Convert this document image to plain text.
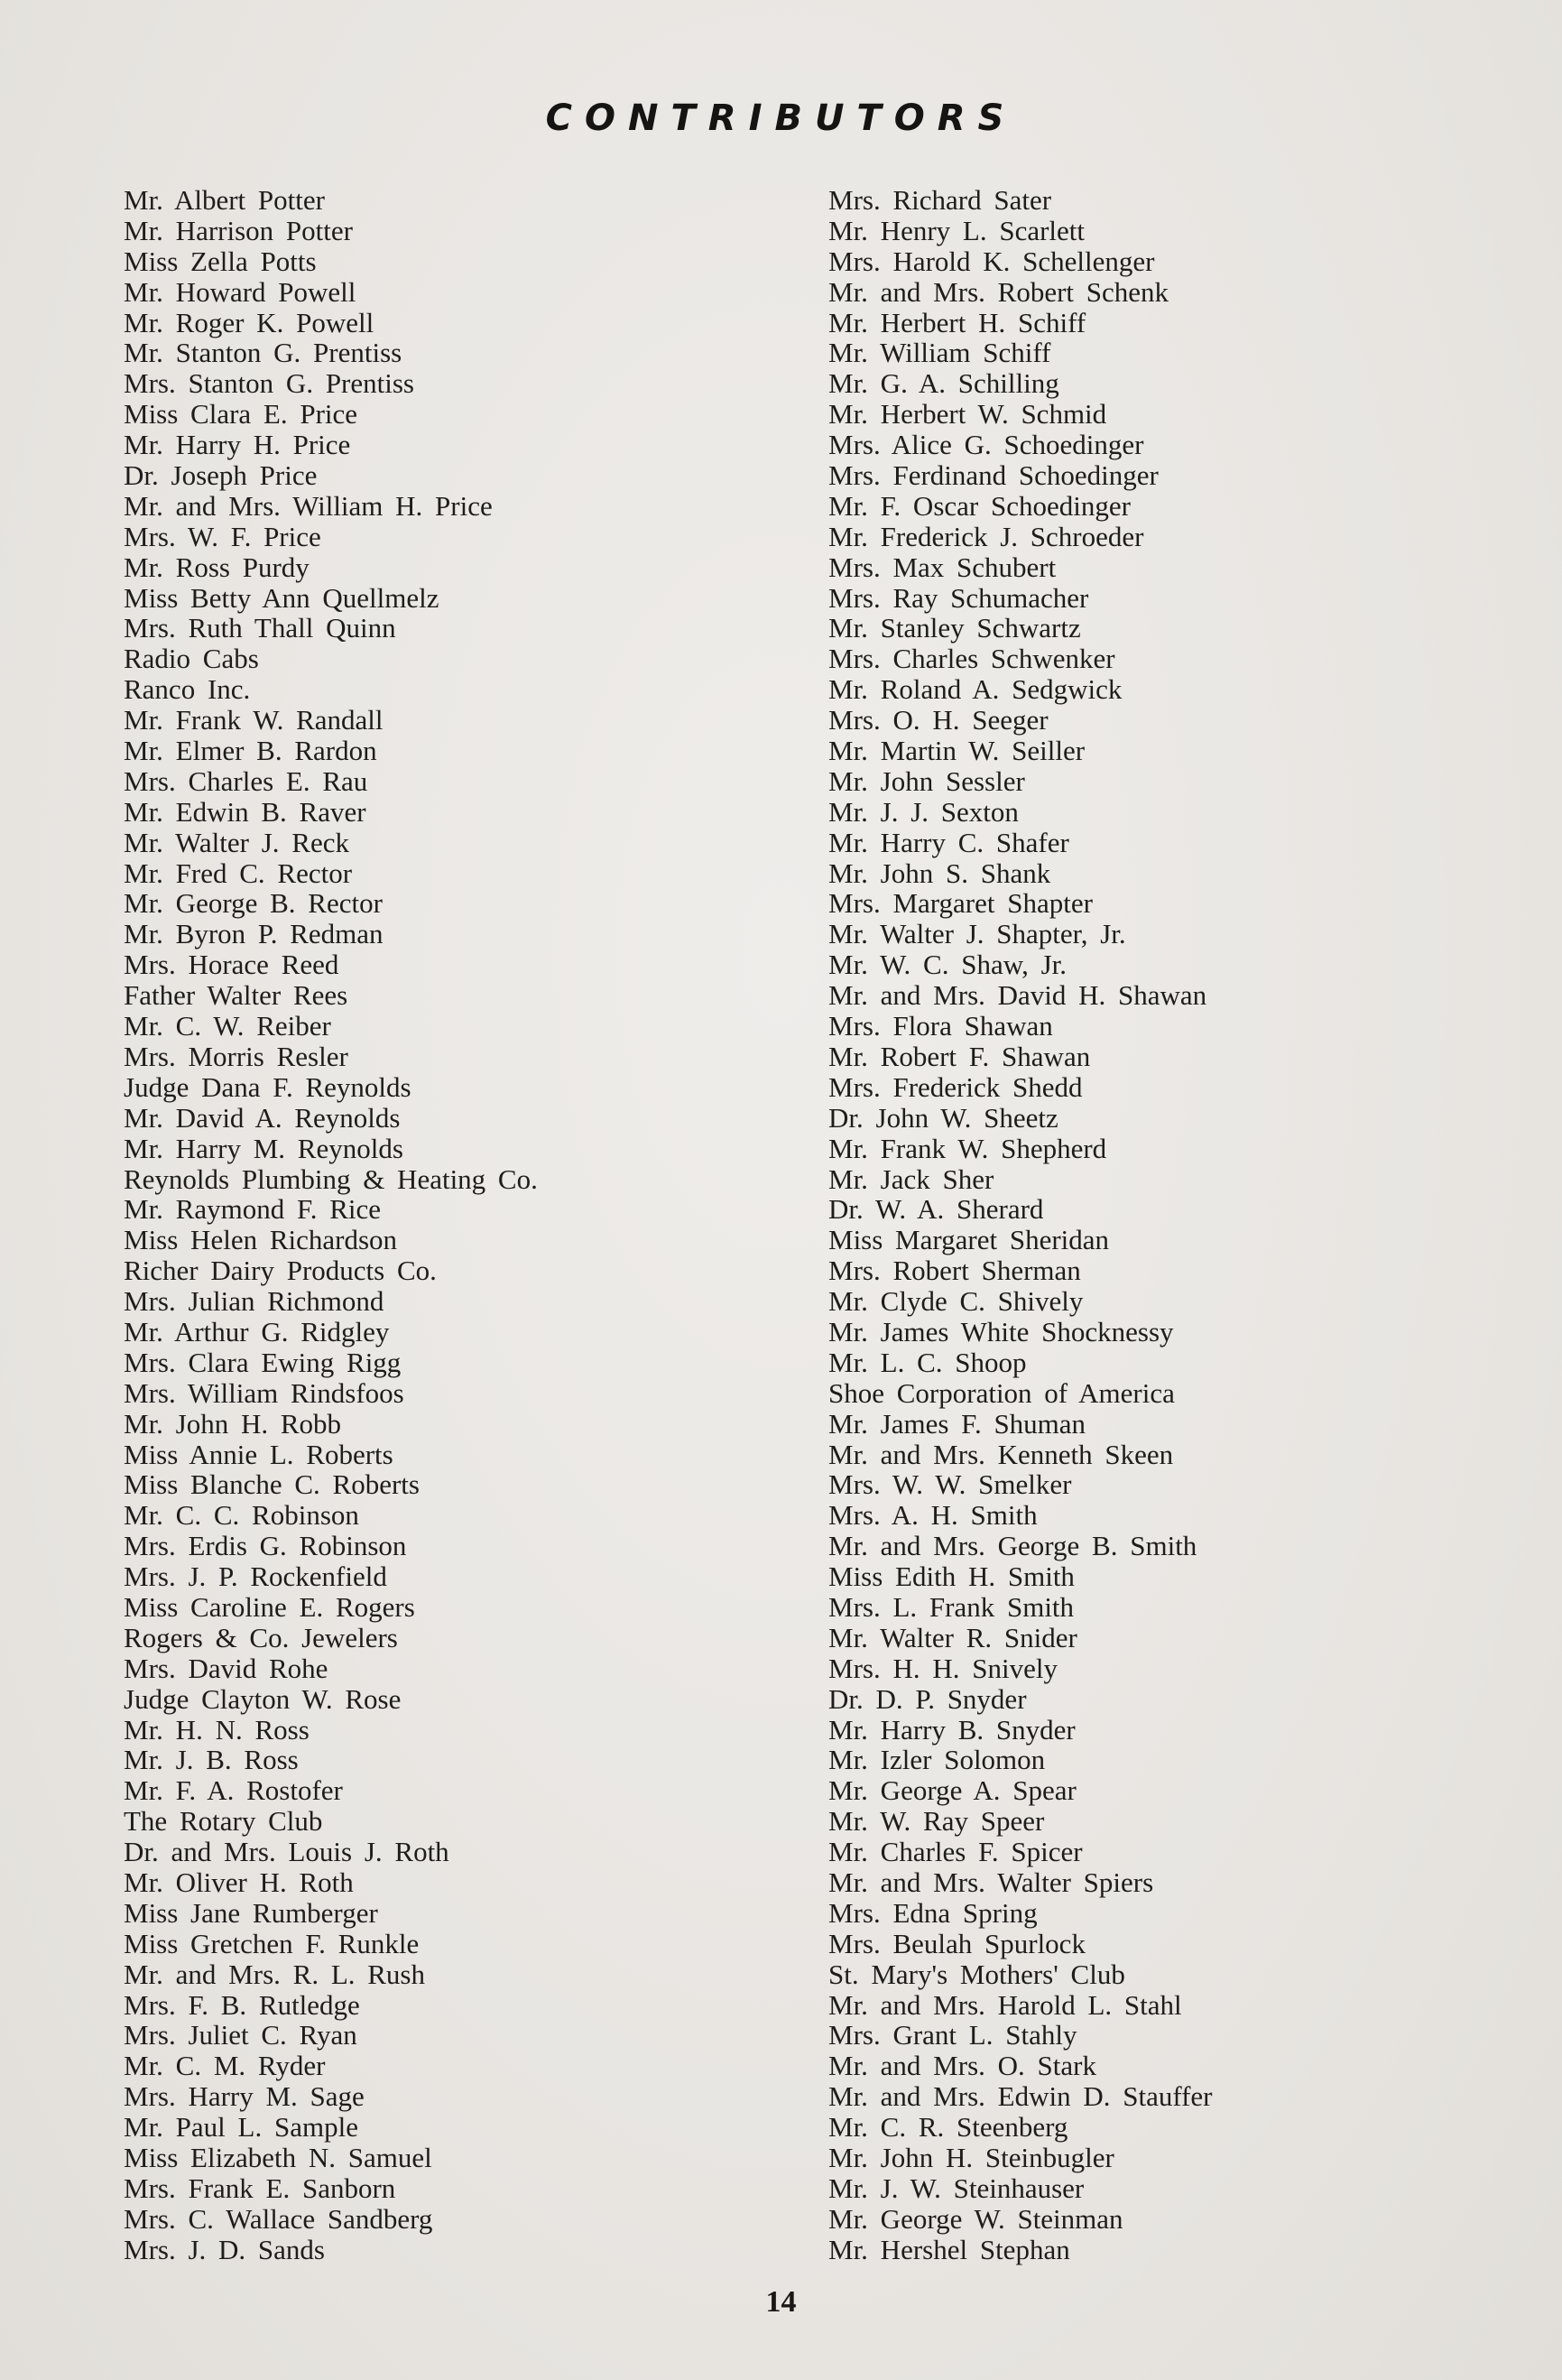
CONTRIBUTORS
Mr. Albert Potter
Mr. Harrison Potter
Miss Zella Potts
Mr. Howard Powell
Mr. Roger K. Powell
Mr. Stanton G. Prentiss
Mrs. Stanton G. Prentiss
Miss Clara E. Price
Mr. Harry H. Price
Dr. Joseph Price
Mr. and Mrs. William H. Price
Mrs. W. F. Price
Mr. Ross Purdy
Miss Betty Ann Quellmelz
Mrs. Ruth Thall Quinn
Radio Cabs
Ranco Inc.
Mr. Frank W. Randall
Mr. Elmer B. Rardon
Mrs. Charles E. Rau
Mr. Edwin B. Raver
Mr. Walter J. Reck
Mr. Fred C. Rector
Mr. George B. Rector
Mr. Byron P. Redman
Mrs. Horace Reed
Father Walter Rees
Mr. C. W. Reiber
Mrs. Morris Resler
Judge Dana F. Reynolds
Mr. David A. Reynolds
Mr. Harry M. Reynolds
Reynolds Plumbing & Heating Co.
Mr. Raymond F. Rice
Miss Helen Richardson
Richer Dairy Products Co.
Mrs. Julian Richmond
Mr. Arthur G. Ridgley
Mrs. Clara Ewing Rigg
Mrs. William Rindsfoos
Mr. John H. Robb
Miss Annie L. Roberts
Miss Blanche C. Roberts
Mr. C. C. Robinson
Mrs. Erdis G. Robinson
Mrs. J. P. Rockenfield
Miss Caroline E. Rogers
Rogers & Co. Jewelers
Mrs. David Rohe
Judge Clayton W. Rose
Mr. H. N. Ross
Mr. J. B. Ross
Mr. F. A. Rostofer
The Rotary Club
Dr. and Mrs. Louis J. Roth
Mr. Oliver H. Roth
Miss Jane Rumberger
Miss Gretchen F. Runkle
Mr. and Mrs. R. L. Rush
Mrs. F. B. Rutledge
Mrs. Juliet C. Ryan
Mr. C. M. Ryder
Mrs. Harry M. Sage
Mr. Paul L. Sample
Miss Elizabeth N. Samuel
Mrs. Frank E. Sanborn
Mrs. C. Wallace Sandberg
Mrs. J. D. Sands
Mrs. Richard Sater
Mr. Henry L. Scarlett
Mrs. Harold K. Schellenger
Mr. and Mrs. Robert Schenk
Mr. Herbert H. Schiff
Mr. William Schiff
Mr. G. A. Schilling
Mr. Herbert W. Schmid
Mrs. Alice G. Schoedinger
Mrs. Ferdinand Schoedinger
Mr. F. Oscar Schoedinger
Mr. Frederick J. Schroeder
Mrs. Max Schubert
Mrs. Ray Schumacher
Mr. Stanley Schwartz
Mrs. Charles Schwenker
Mr. Roland A. Sedgwick
Mrs. O. H. Seeger
Mr. Martin W. Seiller
Mr. John Sessler
Mr. J. J. Sexton
Mr. Harry C. Shafer
Mr. John S. Shank
Mrs. Margaret Shapter
Mr. Walter J. Shapter, Jr.
Mr. W. C. Shaw, Jr.
Mr. and Mrs. David H. Shawan
Mrs. Flora Shawan
Mr. Robert F. Shawan
Mrs. Frederick Shedd
Dr. John W. Sheetz
Mr. Frank W. Shepherd
Mr. Jack Sher
Dr. W. A. Sherard
Miss Margaret Sheridan
Mrs. Robert Sherman
Mr. Clyde C. Shively
Mr. James White Shocknessy
Mr. L. C. Shoop
Shoe Corporation of America
Mr. James F. Shuman
Mr. and Mrs. Kenneth Skeen
Mrs. W. W. Smelker
Mrs. A. H. Smith
Mr. and Mrs. George B. Smith
Miss Edith H. Smith
Mrs. L. Frank Smith
Mr. Walter R. Snider
Mrs. H. H. Snively
Dr. D. P. Snyder
Mr. Harry B. Snyder
Mr. Izler Solomon
Mr. George A. Spear
Mr. W. Ray Speer
Mr. Charles F. Spicer
Mr. and Mrs. Walter Spiers
Mrs. Edna Spring
Mrs. Beulah Spurlock
St. Mary's Mothers' Club
Mr. and Mrs. Harold L. Stahl
Mrs. Grant L. Stahly
Mr. and Mrs. O. Stark
Mr. and Mrs. Edwin D. Stauffer
Mr. C. R. Steenberg
Mr. John H. Steinbugler
Mr. J. W. Steinhauser
Mr. George W. Steinman
Mr. Hershel Stephan
14
